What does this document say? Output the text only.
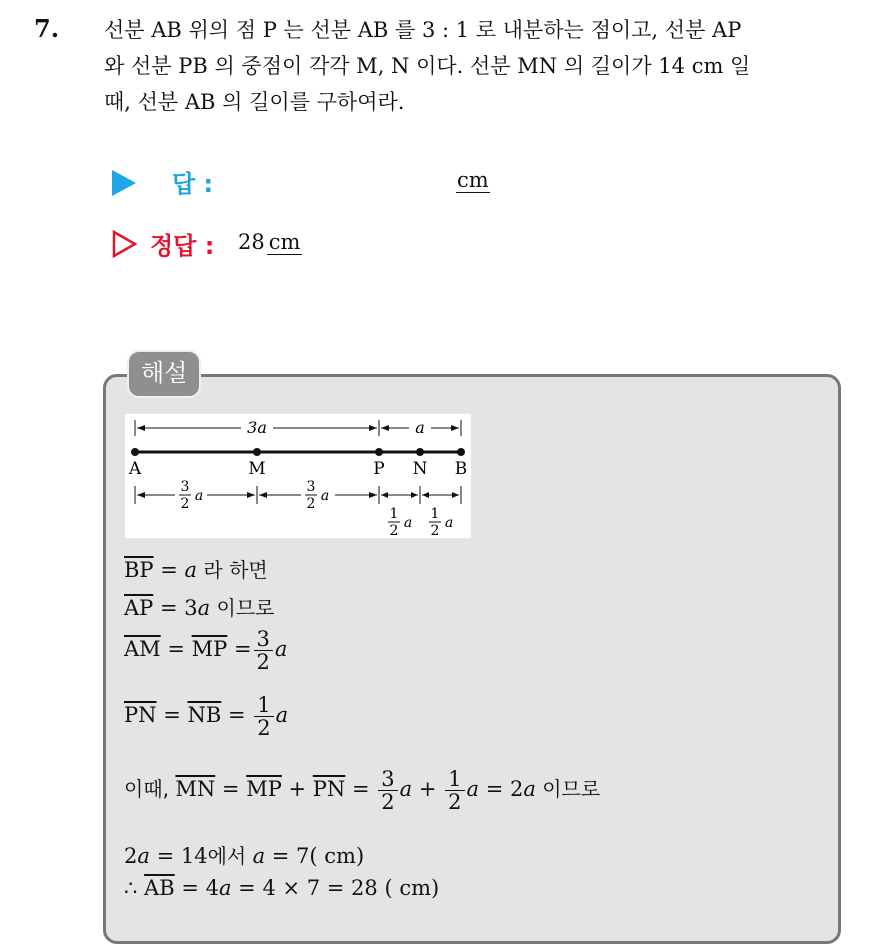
7. 선분 AB 위의 점 P 는 선분 AB 를 3 : 1 로 내분하는 점이고, 선분 AP
와 선분 PB 의 중점이 각각 M, N 이다. 선분 MN 의 길이가 14 cm 일
때, 선분 AB 의 길이를 구하여라.
답 :	cm
정답 : 28 cm
해설
3a	a
A	M	P N B
3
2 a
3
2 a
1
2 a
1
2 a
$\overline{BP} = a$ 라 하면
$\overline{AP} = 3a$ 이므로
$\overline{AM} = \overline{MP} = \frac{3}{2}$ a
$\overline{PN} = \overline{NB} = \frac{1}{2}$ a
이때, $\overline{MN} = \overline{MP} + \overline{PN} = \frac{3}{2}$ $a + \frac{1}{2}$ a = 2a 이므로
2a = 14에서 a = 7( cm)
∴ $\overline{AB} = 4a = 4 \times 7 = 28$ ( cm)
